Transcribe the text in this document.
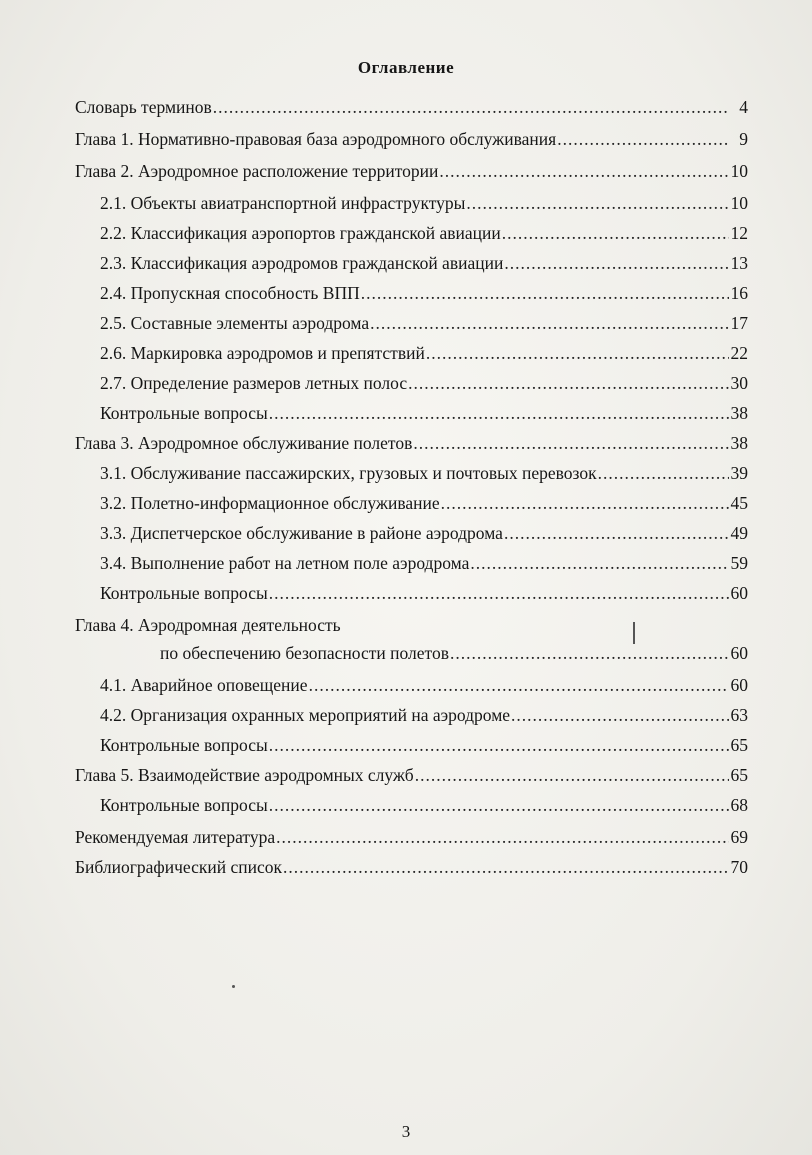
Оглавление
Словарь терминов .....	4
Глава 1. Нормативно-правовая база аэродромного обслуживания .....	9
Глава 2. Аэродромное расположение территории .....	10
2.1. Объекты авиатранспортной инфраструктуры .....	10
2.2. Классификация аэропортов гражданской авиации .....	12
2.3. Классификация аэродромов гражданской авиации .....	13
2.4. Пропускная способность ВПП .....	16
2.5. Составные элементы аэродрома .....	17
2.6. Маркировка аэродромов и препятствий .....	22
2.7. Определение размеров летных полос .....	30
Контрольные вопросы .....	38
Глава 3. Аэродромное обслуживание полетов .....	38
3.1. Обслуживание пассажирских, грузовых и почтовых перевозок .....	39
3.2. Полетно-информационное обслуживание .....	45
3.3. Диспетчерское обслуживание в районе аэродрома .....	49
3.4. Выполнение работ на летном поле аэродрома .....	59
Контрольные вопросы .....	60
Глава 4. Аэродромная деятельность
по обеспечению безопасности полетов .....	60
4.1. Аварийное оповещение .....	60
4.2. Организация охранных мероприятий на аэродроме .....	63
Контрольные вопросы .....	65
Глава 5. Взаимодействие аэродромных служб .....	65
Контрольные вопросы .....	68
Рекомендуемая литература .....	69
Библиографический список .....	70
3
